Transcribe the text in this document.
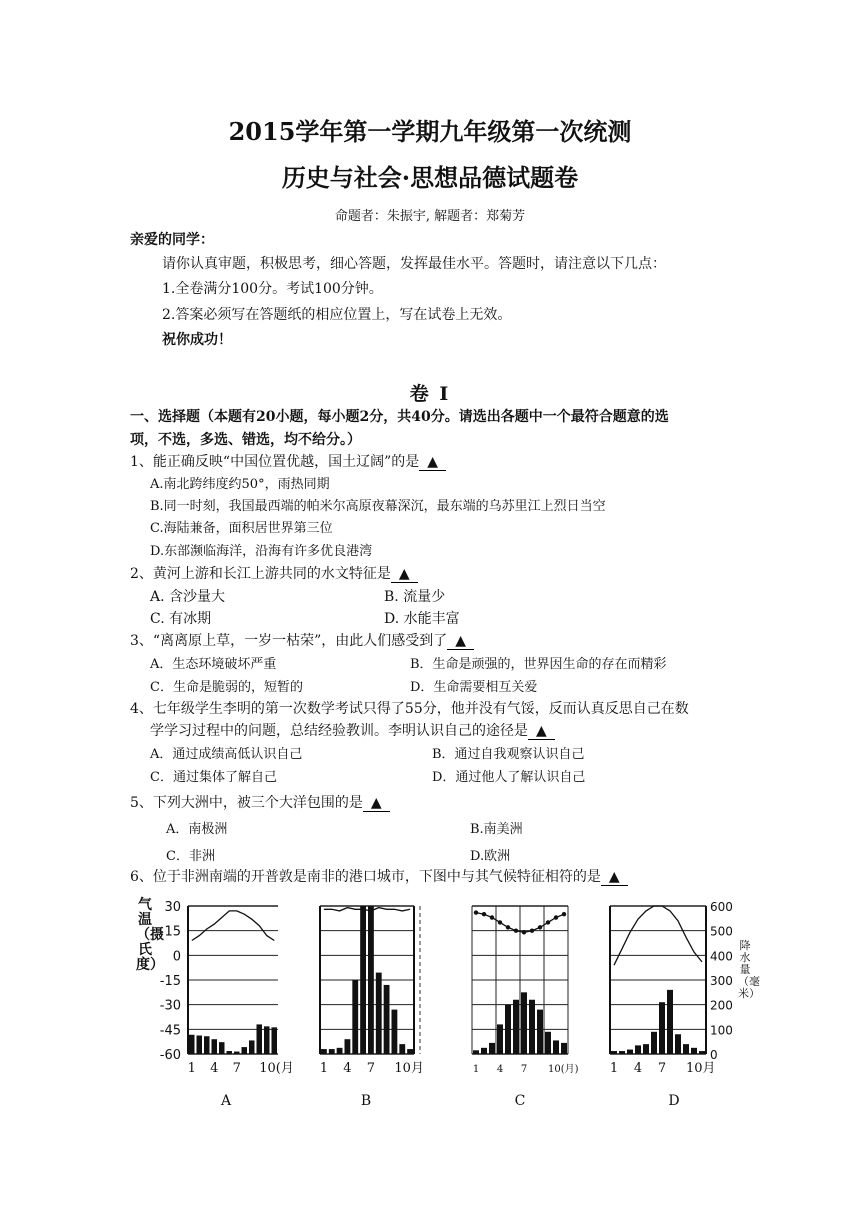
2015学年第一学期九年级第一次统测
历史与社会·思想品德试题卷
命题者：朱振宇, 解题者：郑菊芳
亲爱的同学：
请你认真审题，积极思考，细心答题，发挥最佳水平。答题时，请注意以下几点：
1.全卷满分100分。考试100分钟。
2.答案必须写在答题纸的相应位置上，写在试卷上无效。
祝你成功！
卷 Ⅰ
一、选择题（本题有20小题，每小题2分，共40分。请选出各题中一个最符合题意的选
项，不选，多选、错选，均不给分。）
1、能正确反映“中国位置优越，国土辽阔”的是 ▲
A.南北跨纬度约50°，雨热同期
B.同一时刻，我国最西端的帕米尔高原夜幕深沉，最东端的乌苏里江上烈日当空
C.海陆兼备，面积居世界第三位
D.东部濒临海洋，沿海有许多优良港湾
2、黄河上游和长江上游共同的水文特征是 ▲
A. 含沙量大	B. 流量少
C. 有冰期	D. 水能丰富
3、“离离原上草，一岁一枯荣”，由此人们感受到了 ▲
A．生态环境破坏严重	B．生命是顽强的，世界因生命的存在而精彩
C．生命是脆弱的，短暂的	D．生命需要相互关爱
4、七年级学生李明的第一次数学考试只得了55分，他并没有气馁，反而认真反思自己在数
学学习过程中的问题，总结经验教训。李明认识自己的途径是 ▲
A．通过成绩高低认识自己	B．通过自我观察认识自己
C．通过集体了解自己	D．通过他人了解认识自己
5、下列大洲中，被三个大洋包围的是 ▲
A．南极洲	B.南美洲
C．非洲	D.欧洲
6、位于非洲南端的开普敦是南非的港口城市，下图中与其气候特征相符的是 ▲
气温（摄氏度）
降水量（毫米）
30
15
0
-15
-30
-45
-60
600
500
400
300
200
100
0
1 4 7 10(月 1 4 7 10月	1 4 7 10(月) 1 4 7 10月
A	B	C	D
